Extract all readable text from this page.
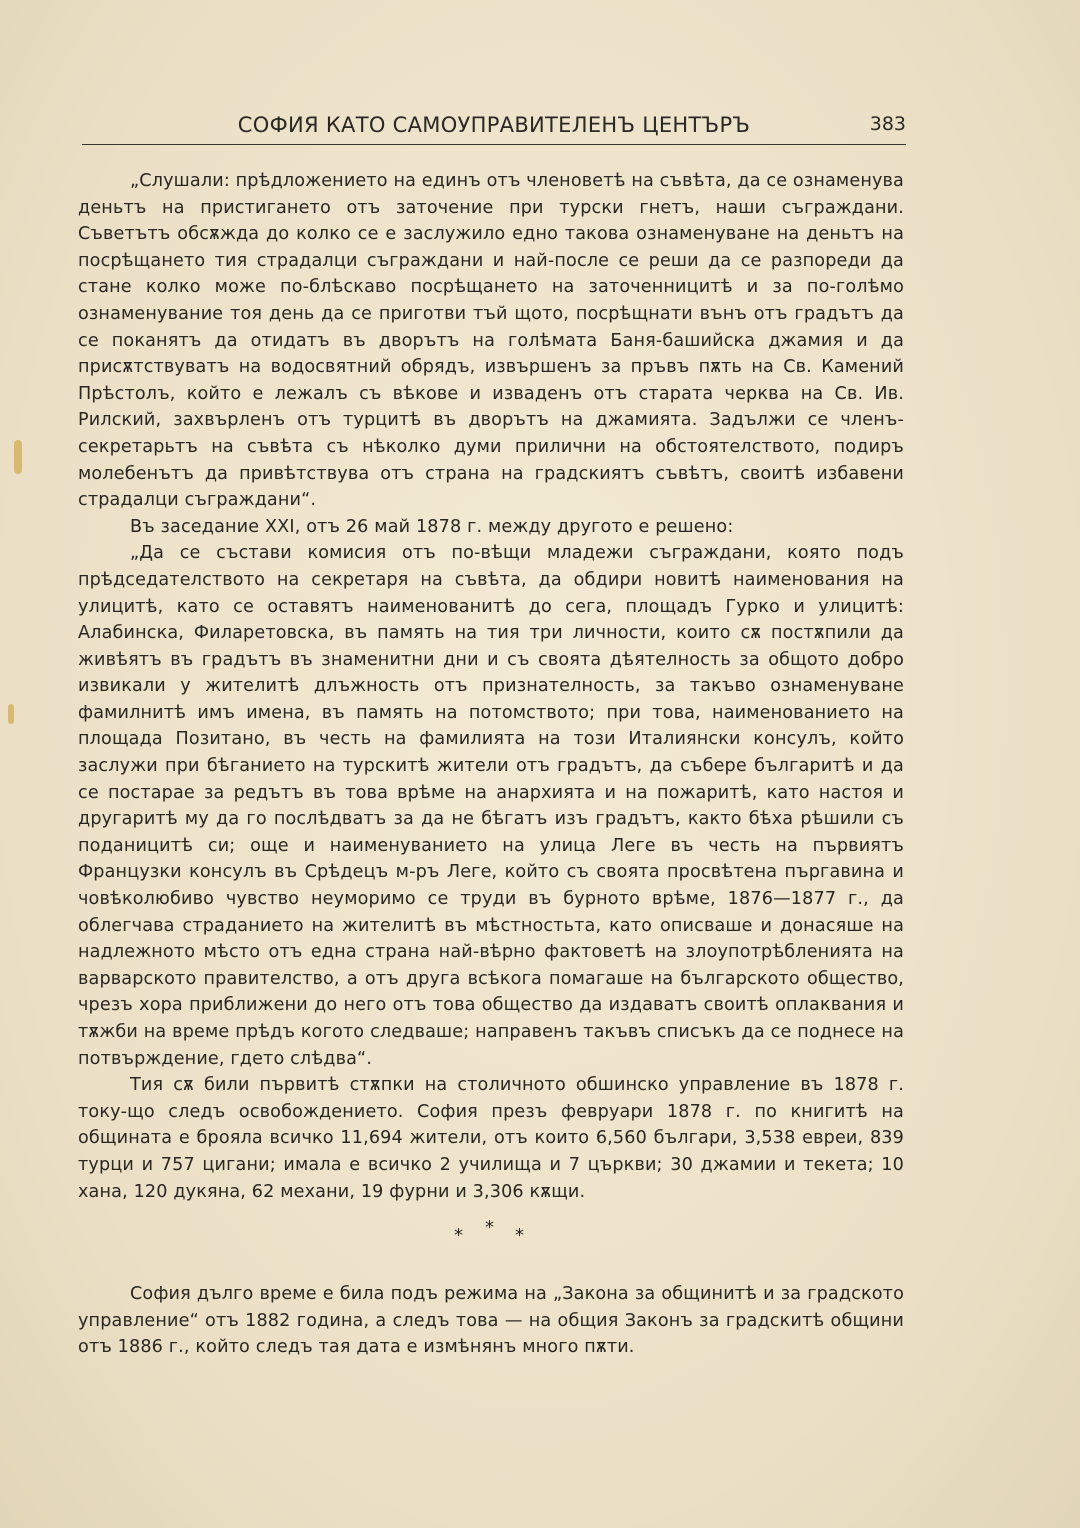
СОФИЯ КАТО САМОУПРАВИТЕЛЕНЪ ЦЕНТЪРЪ	383

„Слушали: прѣдложението на единъ отъ членоветѣ на съвѣта, да се ознаменува деньтъ на пристигането отъ заточение при турски гнетъ, наши съграждани. Съветътъ обсѫжда до колко се е заслужило едно такова ознаменуване на деньтъ на посрѣщането тия страдалци съграждани и най-после се реши да се разпореди да стане колко може по-блѣскаво посрѣщането на заточенницитѣ и за по-голѣмо ознаменувание тоя день да се приготви тъй щото, посрѣщнати вънъ отъ градътъ да се поканятъ да отидатъ въ дворътъ на голѣмата Баня-башийска джамия и да присѫтствуватъ на водосвятний обрядъ, извършенъ за пръвъ пѫть на Св. Камений Прѣстолъ, който е лежалъ съ вѣкове и изваденъ отъ старата черква на Св. Ив. Рилский, захвърленъ отъ турцитѣ въ дворътъ на джамията. Задължи се членъ-секретарьтъ на съвѣта съ нѣколко думи прилични на обстоятелството, подиръ молебенътъ да привѣтствува отъ страна на градскиятъ съвѣтъ, своитѣ избавени страдалци съграждани“.

Въ заседание XXI, отъ 26 май 1878 г. между другото е решено:

„Да се състави комисия отъ по-вѣщи младежи съграждани, която подъ прѣдседателството на секретаря на съвѣта, да обдири новитѣ наименования на улицитѣ, като се оставятъ наименованитѣ до сега, площадъ Гурко и улицитѣ: Алабинска, Филаретовска, въ память на тия три личности, които сѫ постѫпили да живѣятъ въ градътъ въ знаменитни дни и съ своята дѣятелность за общото добро извикали у жителитѣ длъжность отъ признателность, за такъво ознаменуване фамилнитѣ имъ имена, въ память на потомството; при това, наименованието на площада Позитано, въ честь на фамилията на този Италиянски консулъ, който заслужи при бѣганието на турскитѣ жители отъ градътъ, да събере българитѣ и да се постарае за редътъ въ това врѣме на анархията и на пожаритѣ, като настоя и другаритѣ му да го послѣдватъ за да не бѣгатъ изъ градътъ, както бѣха рѣшили съ поданицитѣ си; още и наименуванието на улица Леге въ честь на първиятъ Французки консулъ въ Срѣдецъ м-ръ Леге, който съ своята просвѣтена пъргавина и човѣколюбиво чувство неуморимо се труди въ бурното врѣме, 1876—1877 г., да облегчава страданието на жителитѣ въ мѣстностьта, като описваше и донасяше на надлежното мѣсто отъ една страна най-вѣрно фактоветѣ на злоупотрѣбленията на варварското правителство, а отъ друга всѣкога помагаше на българското общество, чрезъ хора приближени до него отъ това общество да издаватъ своитѣ оплаквания и тѫжби на време прѣдъ когото следваше; направенъ такъвъ списъкъ да се поднесе на потвърждение, гдето слѣдва“.

Тия сѫ били първитѣ стѫпки на столичното обшинско управление въ 1878 г. току-що следъ освобождението. София презъ февруари 1878 г. по книгитѣ на общината е брояла всичко 11,694 жители, отъ които 6,560 българи, 3,538 евреи, 839 турци и 757 цигани; имала е всичко 2 училища и 7 църкви; 30 джамии и текета; 10 хана, 120 дукяна, 62 механи, 19 фурни и 3,306 кѫщи.

* * *

София дълго време е била подъ режима на „Закона за общинитѣ и за градското управление“ отъ 1882 година, а следъ това — на общия Законъ за градскитѣ общини отъ 1886 г., който следъ тая дата е измѣнянъ много пѫти.
